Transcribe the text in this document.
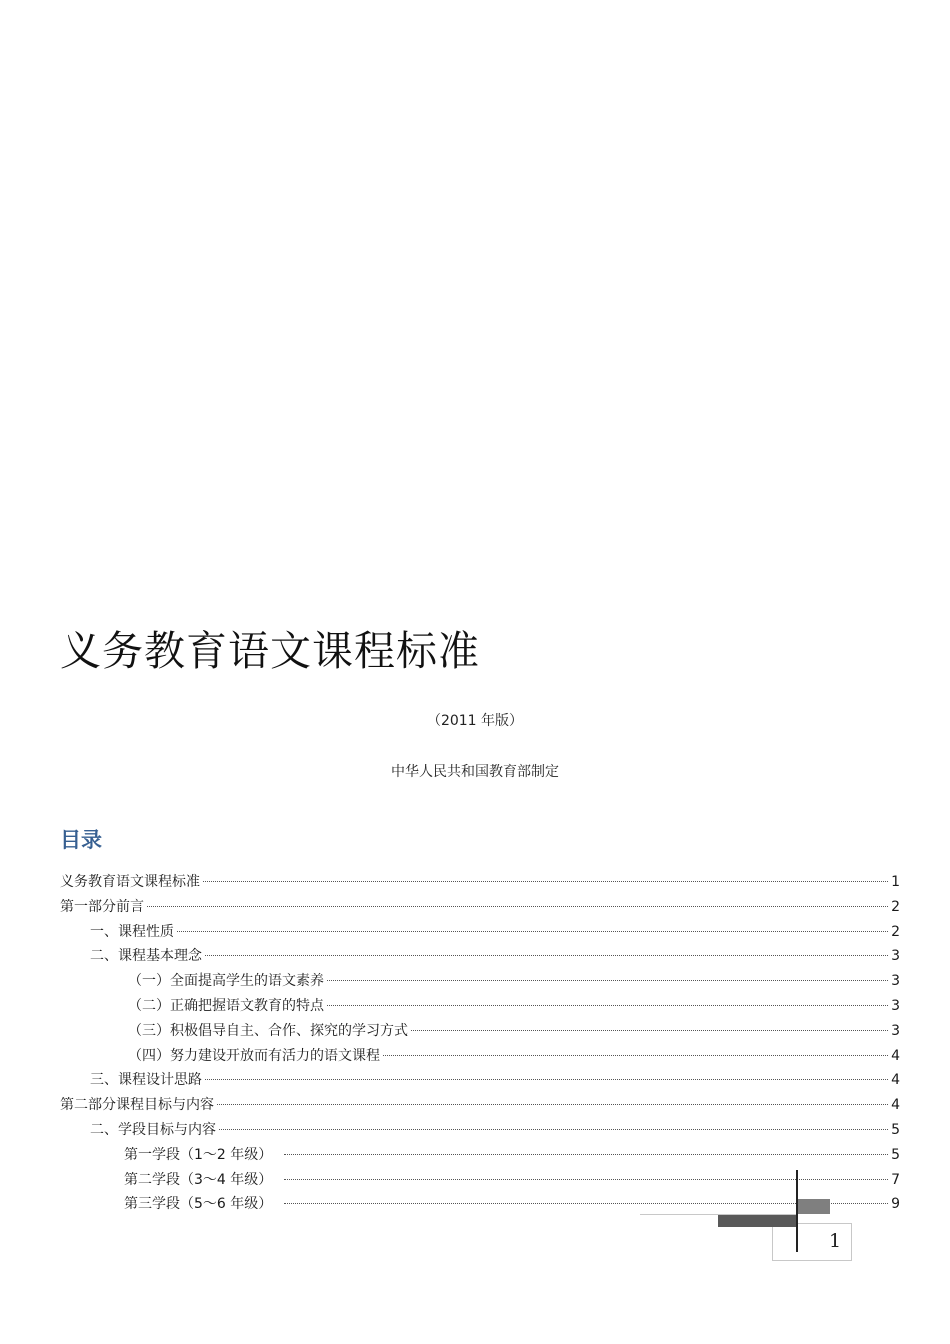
义务教育语文课程标准
（2011 年版）
中华人民共和国教育部制定
目录
义务教育语文课程标准	1
第一部分前言	2
一、课程性质	2
二、课程基本理念	3
（一）全面提高学生的语文素养	3
（二）正确把握语文教育的特点	3
（三）积极倡导自主、合作、探究的学习方式	3
（四）努力建设开放而有活力的语文课程	4
三、课程设计思路	4
第二部分课程目标与内容	4
二、学段目标与内容	5
第一学段（1～2 年级）	5
第二学段（3～4 年级）	7
第三学段（5～6 年级）	9
1
